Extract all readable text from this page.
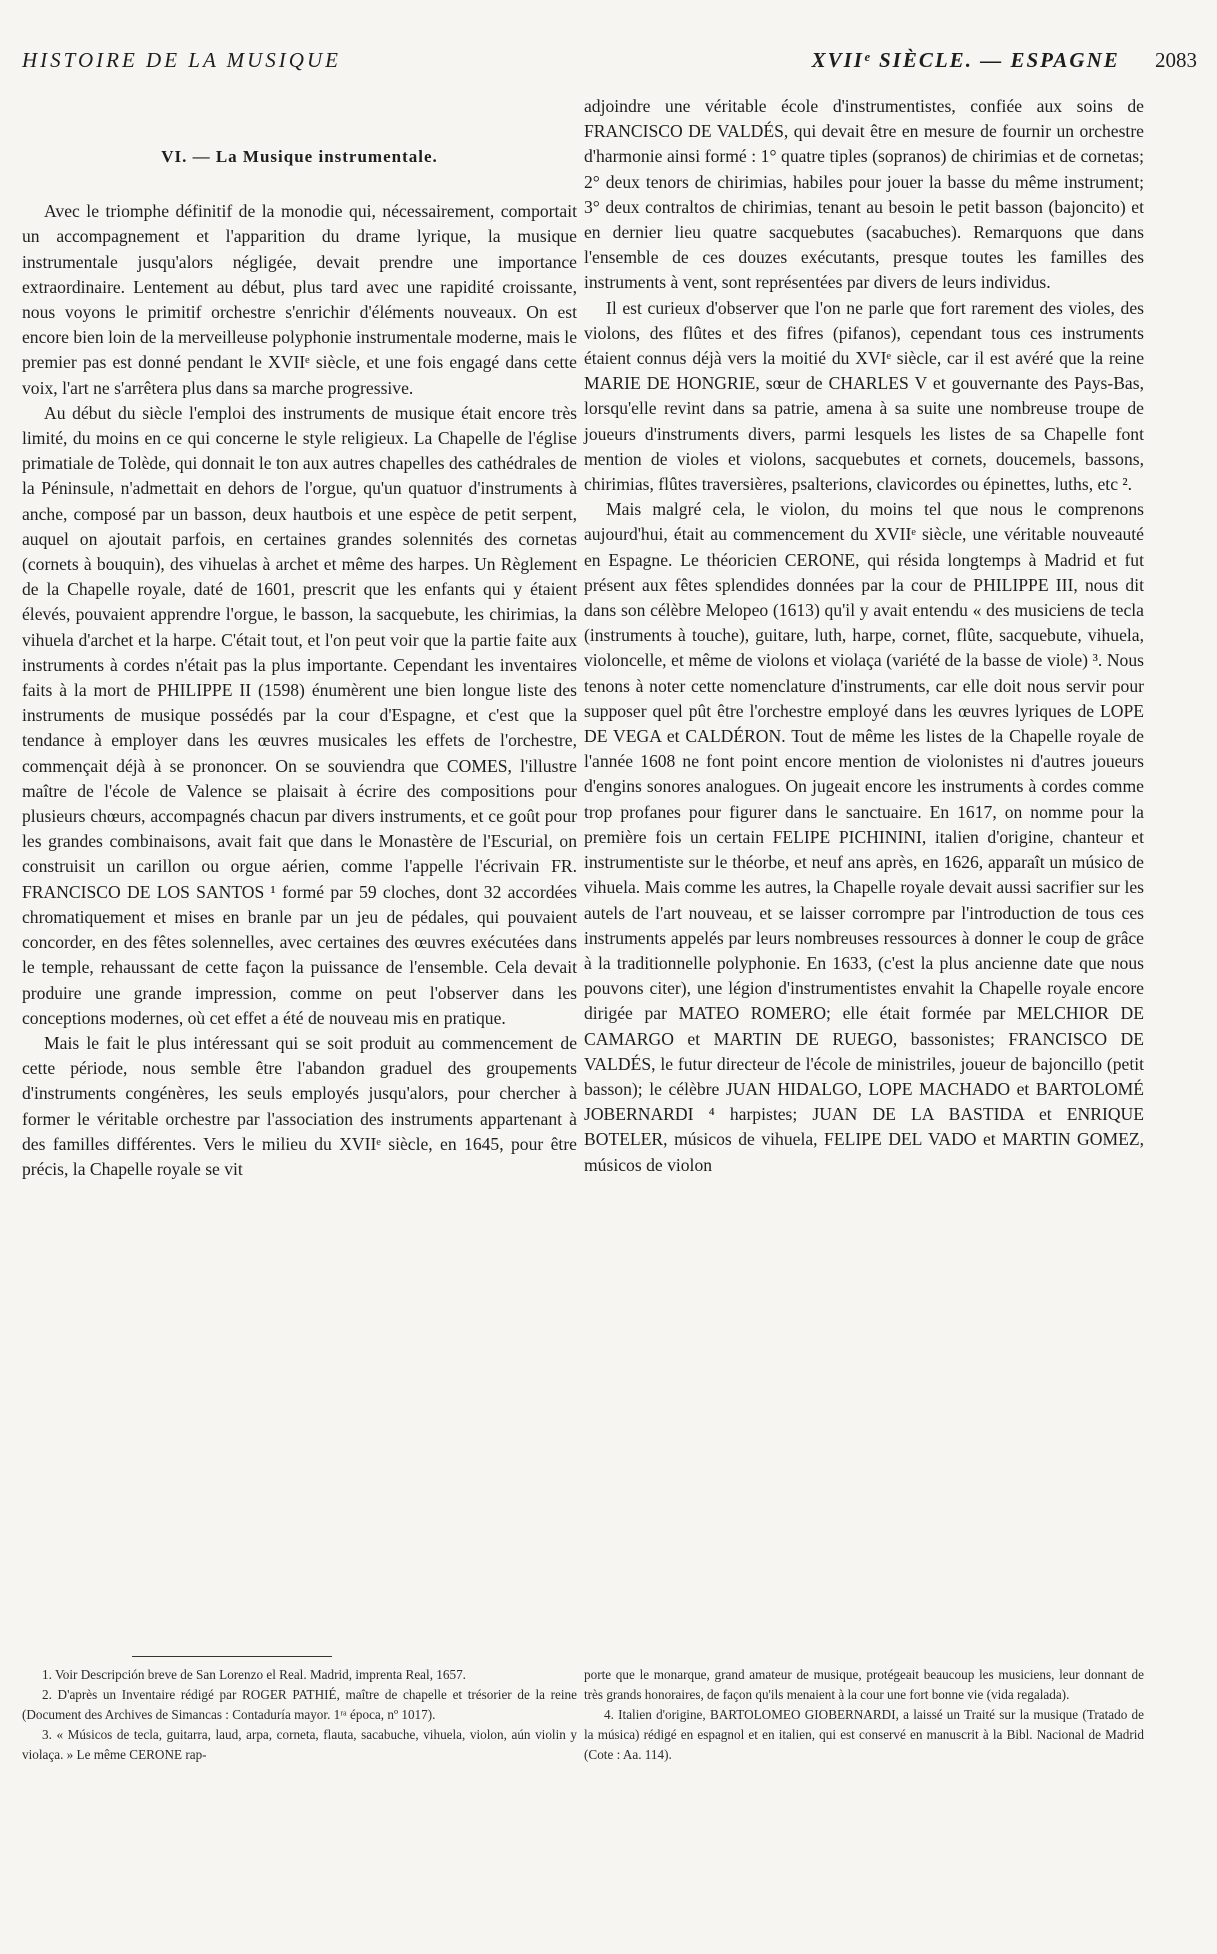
HISTOIRE DE LA MUSIQUE	XVIIᵉ SIÈCLE. — ESPAGNE 2083
VI. — La Musique instrumentale.

Avec le triomphe définitif de la monodie qui, nécessairement, comportait un accompagnement et l'apparition du drame lyrique, la musique instrumentale jusqu'alors négligée, devait prendre une importance extraordinaire. Lentement au début, plus tard avec une rapidité croissante, nous voyons le primitif orchestre s'enrichir d'éléments nouveaux. On est encore bien loin de la merveilleuse polyphonie instrumentale moderne, mais le premier pas est donné pendant le XVIIᵉ siècle, et une fois engagé dans cette voix, l'art ne s'arrêtera plus dans sa marche progressive.

Au début du siècle l'emploi des instruments de musique était encore très limité, du moins en ce qui concerne le style religieux. La Chapelle de l'église primatiale de Tolède, qui donnait le ton aux autres chapelles des cathédrales de la Péninsule, n'admettait en dehors de l'orgue, qu'un quatuor d'instruments à anche, composé par un basson, deux hautbois et une espèce de petit serpent, auquel on ajoutait parfois, en certaines grandes solennités des cornetas (cornets à bouquin), des vihuelas à archet et même des harpes. Un Règlement de la Chapelle royale, daté de 1601, prescrit que les enfants qui y étaient élevés, pouvaient apprendre l'orgue, le basson, la sacquebute, les chirimias, la vihuela d'archet et la harpe. C'était tout, et l'on peut voir que la partie faite aux instruments à cordes n'était pas la plus importante. Cependant les inventaires faits à la mort de PHILIPPE II (1598) énumèrent une bien longue liste des instruments de musique possédés par la cour d'Espagne, et c'est que la tendance à employer dans les œuvres musicales les effets de l'orchestre, commençait déjà à se prononcer. On se souviendra que COMES, l'illustre maître de l'école de Valence se plaisait à écrire des compositions pour plusieurs chœurs, accompagnés chacun par divers instruments, et ce goût pour les grandes combinaisons, avait fait que dans le Monastère de l'Escurial, on construisit un carillon ou orgue aérien, comme l'appelle l'écrivain FR. FRANCISCO DE LOS SANTOS ¹ formé par 59 cloches, dont 32 accordées chromatiquement et mises en branle par un jeu de pédales, qui pouvaient concorder, en des fêtes solennelles, avec certaines des œuvres exécutées dans le temple, rehaussant de cette façon la puissance de l'ensemble. Cela devait produire une grande impression, comme on peut l'observer dans les conceptions modernes, où cet effet a été de nouveau mis en pratique.

Mais le fait le plus intéressant qui se soit produit au commencement de cette période, nous semble être l'abandon graduel des groupements d'instruments congénères, les seuls employés jusqu'alors, pour chercher à former le véritable orchestre par l'association des instruments appartenant à des familles différentes. Vers le milieu du XVIIᵉ siècle, en 1645, pour être précis, la Chapelle royale se vit

adjoindre une véritable école d'instrumentistes, confiée aux soins de FRANCISCO DE VALDÉS, qui devait être en mesure de fournir un orchestre d'harmonie ainsi formé : 1° quatre tiples (sopranos) de chirimias et de cornetas; 2° deux tenors de chirimias, habiles pour jouer la basse du même instrument; 3° deux contraltos de chirimias, tenant au besoin le petit basson (bajoncito) et en dernier lieu quatre sacquebutes (sacabuches). Remarquons que dans l'ensemble de ces douzes exécutants, presque toutes les familles des instruments à vent, sont représentées par divers de leurs individus.

Il est curieux d'observer que l'on ne parle que fort rarement des violes, des violons, des flûtes et des fifres (pifanos), cependant tous ces instruments étaient connus déjà vers la moitié du XVIᵉ siècle, car il est avéré que la reine MARIE DE HONGRIE, sœur de CHARLES V et gouvernante des Pays-Bas, lorsqu'elle revint dans sa patrie, amena à sa suite une nombreuse troupe de joueurs d'instruments divers, parmi lesquels les listes de sa Chapelle font mention de violes et violons, sacquebutes et cornets, doucemels, bassons, chirimias, flûtes traversières, psalterions, clavicordes ou épinettes, luths, etc ².

Mais malgré cela, le violon, du moins tel que nous le comprenons aujourd'hui, était au commencement du XVIIᵉ siècle, une véritable nouveauté en Espagne. Le théoricien CERONE, qui résida longtemps à Madrid et fut présent aux fêtes splendides données par la cour de PHILIPPE III, nous dit dans son célèbre Melopeo (1613) qu'il y avait entendu « des musiciens de tecla (instruments à touche), guitare, luth, harpe, cornet, flûte, sacquebute, vihuela, violoncelle, et même de violons et violaça (variété de la basse de viole) ³. Nous tenons à noter cette nomenclature d'instruments, car elle doit nous servir pour supposer quel pût être l'orchestre employé dans les œuvres lyriques de LOPE DE VEGA et CALDÉRON. Tout de même les listes de la Chapelle royale de l'année 1608 ne font point encore mention de violonistes ni d'autres joueurs d'engins sonores analogues. On jugeait encore les instruments à cordes comme trop profanes pour figurer dans le sanctuaire. En 1617, on nomme pour la première fois un certain FELIPE PICHININI, italien d'origine, chanteur et instrumentiste sur le théorbe, et neuf ans après, en 1626, apparaît un músico de vihuela. Mais comme les autres, la Chapelle royale devait aussi sacrifier sur les autels de l'art nouveau, et se laisser corrompre par l'introduction de tous ces instruments appelés par leurs nombreuses ressources à donner le coup de grâce à la traditionnelle polyphonie. En 1633, (c'est la plus ancienne date que nous pouvons citer), une légion d'instrumentistes envahit la Chapelle royale encore dirigée par MATEO ROMERO; elle était formée par MELCHIOR DE CAMARGO et MARTIN DE RUEGO, bassonistes; FRANCISCO DE VALDÉS, le futur directeur de l'école de ministriles, joueur de bajoncillo (petit basson); le célèbre JUAN HIDALGO, LOPE MACHADO et BARTOLOMÉ JOBERNARDI ⁴ harpistes; JUAN DE LA BASTIDA et ENRIQUE BOTELER, músicos de vihuela, FELIPE DEL VADO et MARTIN GOMEZ, músicos de violon

1. Voir Descripción breve de San Lorenzo el Real. Madrid, imprenta Real, 1657.

2. D'après un Inventaire rédigé par ROGER PATHIÉ, maître de chapelle et trésorier de la reine (Document des Archives de Simancas : Contaduría mayor. 1ʳᵃ época, nº 1017).

3. « Músicos de tecla, guitarra, laud, arpa, corneta, flauta, sacabuche, vihuela, violon, aún violin y violaça. » Le même CERONE rap-

porte que le monarque, grand amateur de musique, protégeait beaucoup les musiciens, leur donnant de très grands honoraires, de façon qu'ils menaient à la cour une fort bonne vie (vida regalada).

4. Italien d'origine, BARTOLOMEO GIOBERNARDI, a laissé un Traité sur la musique (Tratado de la música) rédigé en espagnol et en italien, qui est conservé en manuscrit à la Bibl. Nacional de Madrid (Cote : Aa. 114).
